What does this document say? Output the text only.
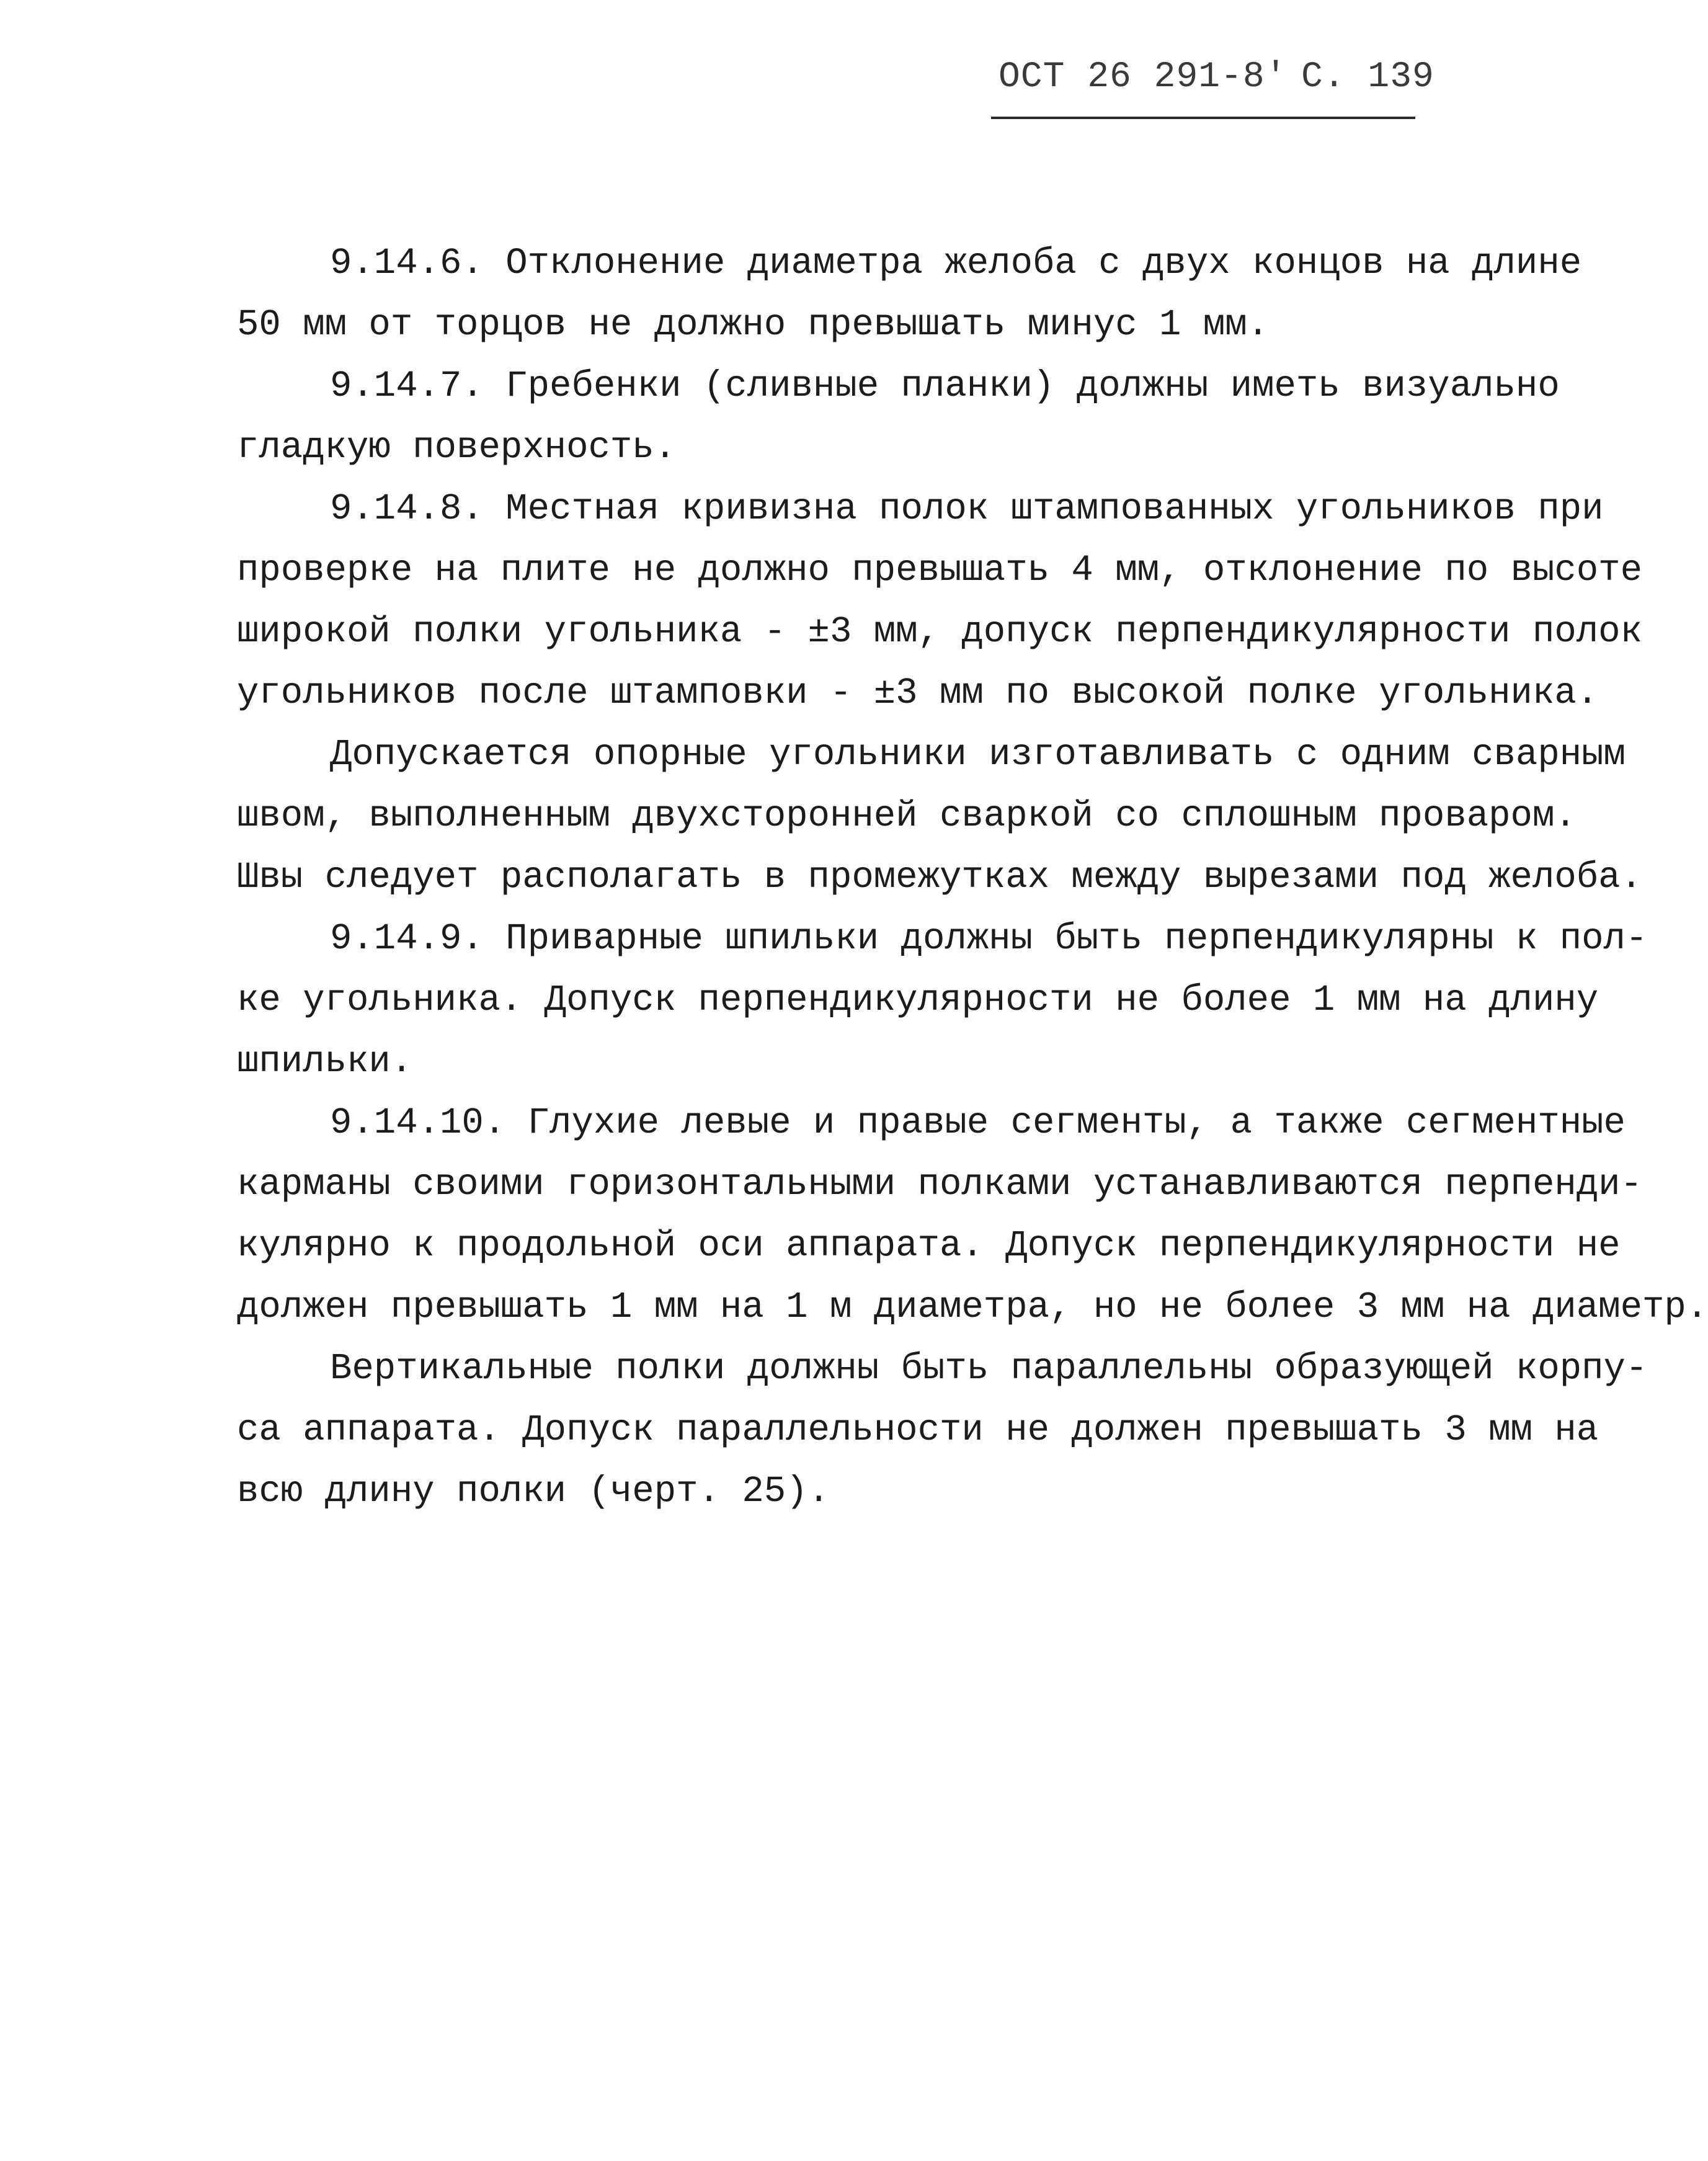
ОСТ 26 291-8' С. 139
9.14.6. Отклонение диаметра желоба с двух концов на длине
50 мм от торцов не должно превышать минус 1 мм.
9.14.7. Гребенки (сливные планки) должны иметь визуально
гладкую поверхность.
9.14.8. Местная кривизна полок штампованных угольников при
проверке на плите не должно превышать 4 мм, отклонение по высоте
широкой полки угольника - ±3 мм, допуск перпендикулярности полок
угольников после штамповки - ±3 мм по высокой полке угольника.
Допускается опорные угольники изготавливать с одним сварным
швом, выполненным двухсторонней сваркой со сплошным проваром.
Швы следует располагать в промежутках между вырезами под желоба.
9.14.9. Приварные шпильки должны быть перпендикулярны к пол-
ке угольника. Допуск перпендикулярности не более 1 мм на длину
шпильки.
9.14.10. Глухие левые и правые сегменты, а также сегментные
карманы своими горизонтальными полками устанавливаются перпенди-
кулярно к продольной оси аппарата. Допуск перпендикулярности не
должен превышать 1 мм на 1 м диаметра, но не более 3 мм на диаметр.
Вертикальные полки должны быть параллельны образующей корпу-
са аппарата. Допуск параллельности не должен превышать 3 мм на
всю длину полки (черт. 25).
